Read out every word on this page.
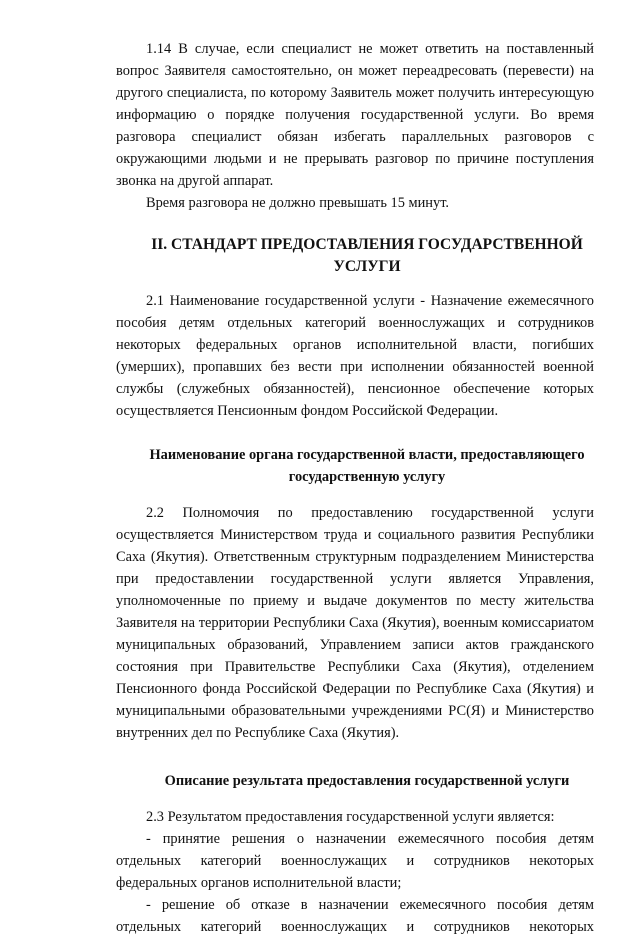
1.14 В случае, если специалист не может ответить на поставленный вопрос Заявителя самостоятельно, он может переадресовать (перевести) на другого специалиста, по которому Заявитель может получить интересующую информацию о порядке получения государственной услуги. Во время разговора специалист обязан избегать параллельных разговоров с окружающими людьми и не прерывать разговор по причине поступления звонка на другой аппарат.

Время разговора не должно превышать 15 минут.

II. СТАНДАРТ ПРЕДОСТАВЛЕНИЯ ГОСУДАРСТВЕННОЙ УСЛУГИ

2.1 Наименование государственной услуги - Назначение ежемесячного пособия детям отдельных категорий военнослужащих и сотрудников некоторых федеральных органов исполнительной власти, погибших (умерших), пропавших без вести при исполнении обязанностей военной службы (служебных обязанностей), пенсионное обеспечение которых осуществляется Пенсионным фондом Российской Федерации.

Наименование органа государственной власти, предоставляющего государственную услугу

2.2 Полномочия по предоставлению государственной услуги осуществляется Министерством труда и социального развития Республики Саха (Якутия). Ответственным структурным подразделением Министерства при предоставлении государственной услуги является Управления, уполномоченные по приему и выдаче документов по месту жительства Заявителя на территории Республики Саха (Якутия), военным комиссариатом муниципальных образований, Управлением записи актов гражданского состояния при Правительстве Республики Саха (Якутия), отделением Пенсионного фонда Российской Федерации по Республике Саха (Якутия) и муниципальными образовательными учреждениями РС(Я) и Министерство внутренних дел по Республике Саха (Якутия).

Описание результата предоставления государственной услуги

2.3 Результатом предоставления государственной услуги является:

- принятие решения о назначении ежемесячного пособия детям отдельных категорий военнослужащих и сотрудников некоторых федеральных органов исполнительной власти;

- решение об отказе в назначении ежемесячного пособия детям отдельных категорий военнослужащих и сотрудников некоторых
